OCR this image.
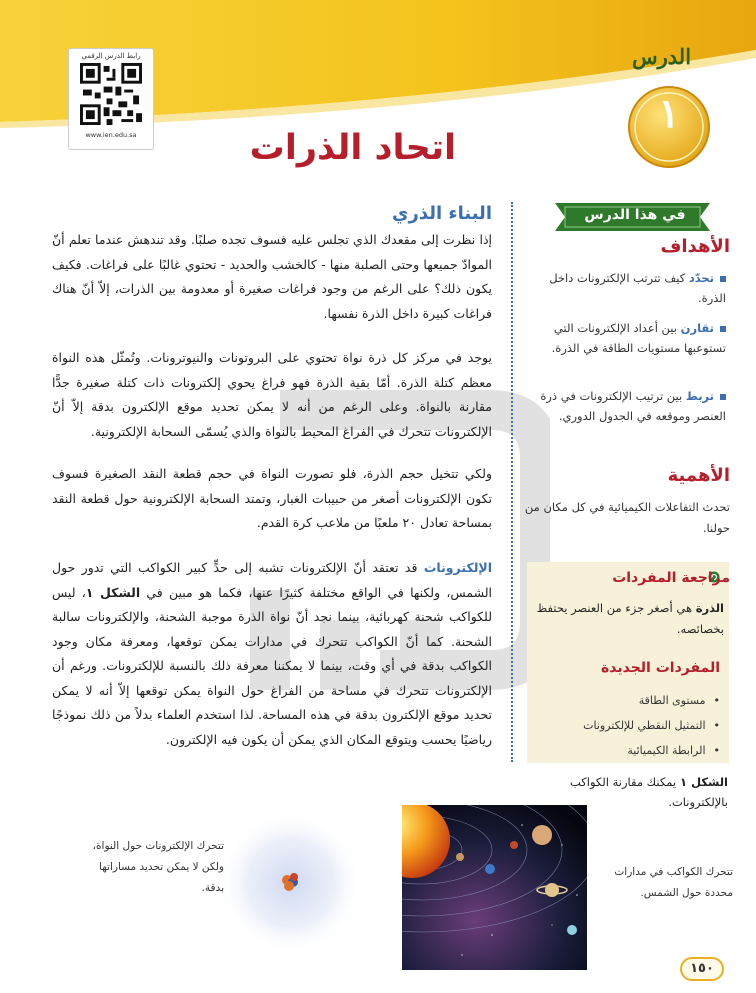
رابط الدرس الرقمي
www.ien.edu.sa
الدرس
١
اتحاد الذرات
في هذا الدرس
الأهداف
تحدّد كيف تترتب الإلكترونات داخل الذرة.
تقارن بين أعداد الإلكترونات التي تستوعبها مستويات الطاقة في الذرة.
تربط بين ترتيب الإلكترونات في ذرة العنصر وموقعه في الجدول الدوري.
الأهمية
تحدث التفاعلات الكيميائية في كل مكان من حولنا.
مراجعة المفردات
الذرة هي أصغر جزء من العنصر يحتفظ بخصائصه.
المفردات الجديدة
• مستوى الطاقة
• التمثيل النقطي للإلكترونات
• الرابطة الكيميائية
الشكل ١يمكنك مقارنة الكواكب بالإلكترونات.
البناء الذري

إذا نظرت إلى مقعدك الذي تجلس عليه فسوف تجده صلبًا. وقد تندهش عندما تعلم أنّ الموادّ جميعها وحتى الصلبة منها - كالخشب والحديد - تحتوي غالبًا على فراغات. فكيف يكون ذلك؟ على الرغم من وجود فراغات صغيرة أو معدومة بين الذرات، إلاّ أنّ هناك فراغات كبيرة داخل الذرة نفسها.

يوجد في مركز كل ذرة نواة تحتوي على البروتونات والنيوترونات. وتُمثّل هذه النواة معظم كتلة الذرة. أمّا بقية الذرة فهو فراغ يحوي إلكترونات ذات كتلة صغيرة جدًّا مقارنة بالنواة. وعلى الرغم من أنه لا يمكن تحديد موقع الإلكترون بدقة إلاّ أنّ الإلكترونات تتحرك في الفراغ المحيط بالنواة والذي يُسمّى السحابة الإلكترونية.

ولكي تتخيل حجم الذرة، فلو تصورت النواة في حجم قطعة النقد الصغيرة فسوف تكون الإلكترونات أصغر من حبيبات الغبار، وتمتد السحابة الإلكترونية حول قطعة النقد بمساحة تعادل ٢٠ ملعبًا من ملاعب كرة القدم.

الإلكترونات قد تعتقد أنّ الإلكترونات تشبه إلى حدٍّ كبير الكواكب التي تدور حول الشمس، ولكنها في الواقع مختلفة كثيرًا عنها، فكما هو مبين في الشكل ١، ليس للكواكب شحنة كهربائية، بينما نجد أنّ نواة الذرة موجبة الشحنة، والإلكترونات سالبة الشحنة. كما أنّ الكواكب تتحرك في مدارات يمكن توقعها، ومعرفة مكان وجود الكواكب بدقة في أي وقت، بينما لا يمكننا معرفة ذلك بالنسبة للإلكترونات. ورغم أن الإلكترونات تتحرك في مساحة من الفراغ حول النواة يمكن توقعها إلاّ أنه لا يمكن تحديد موقع الإلكترون بدقة في هذه المساحة. لذا استخدم العلماء بدلاً من ذلك نموذجًا رياضيًا يحسب ويتوقع المكان الذي يمكن أن يكون فيه الإلكترون.

تتحرك الإلكترونات حول النواة، ولكن لا يمكن تحديد مساراتها بدقة.
تتحرك الكواكب في مدارات محددة حول الشمس.
١٥٠
